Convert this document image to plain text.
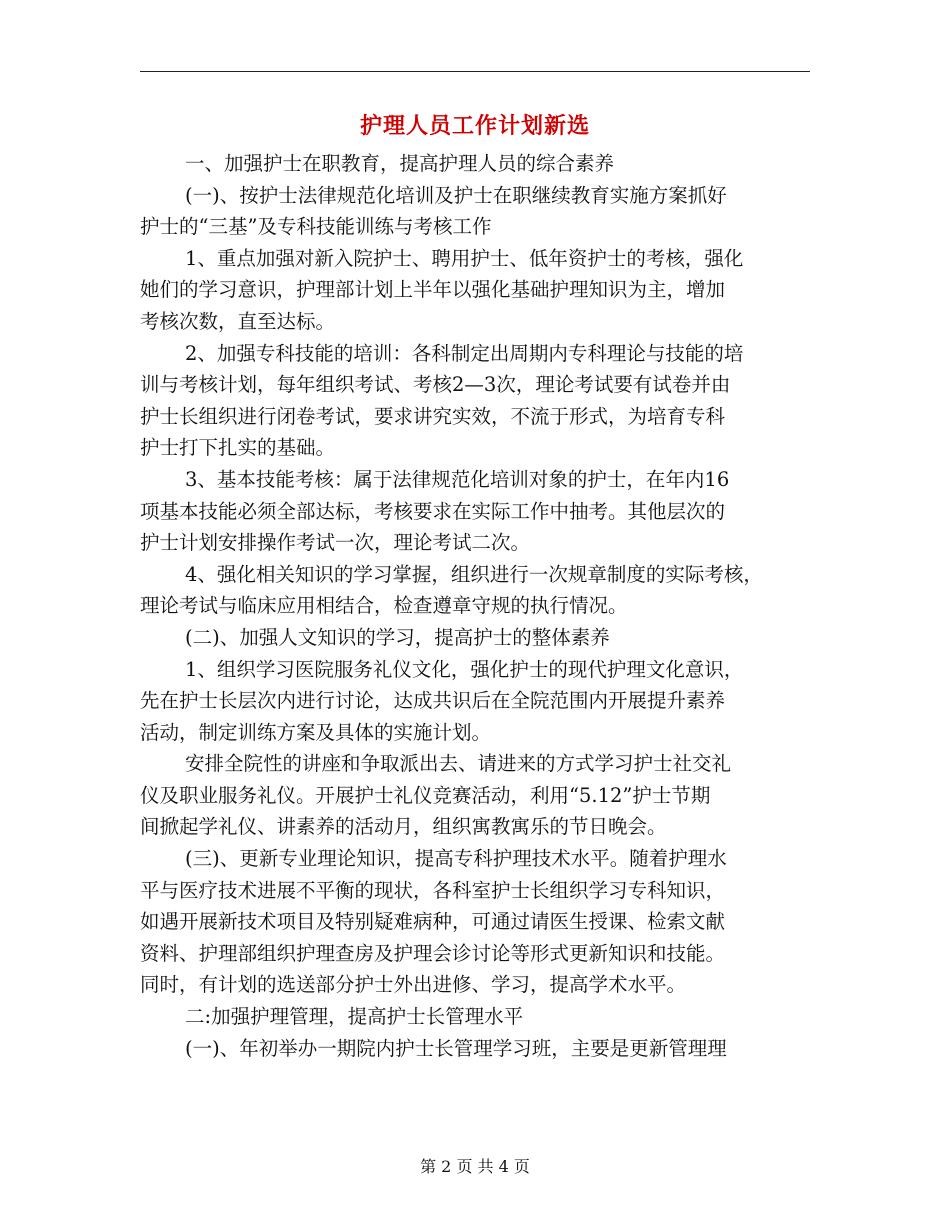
护理人员工作计划新选
一、加强护士在职教育，提高护理人员的综合素养
(一)、按护士法律规范化培训及护士在职继续教育实施方案抓好
护士的“三基”及专科技能训练与考核工作
1、重点加强对新入院护士、聘用护士、低年资护士的考核，强化
她们的学习意识，护理部计划上半年以强化基础护理知识为主，增加
考核次数，直至达标。
2、加强专科技能的培训：各科制定出周期内专科理论与技能的培
训与考核计划，每年组织考试、考核2—3次，理论考试要有试卷并由
护士长组织进行闭卷考试，要求讲究实效，不流于形式，为培育专科
护士打下扎实的基础。
3、基本技能考核：属于法律规范化培训对象的护士，在年内16
项基本技能必须全部达标，考核要求在实际工作中抽考。其他层次的
护士计划安排操作考试一次，理论考试二次。
4、强化相关知识的学习掌握，组织进行一次规章制度的实际考核，
理论考试与临床应用相结合，检查遵章守规的执行情况。
(二)、加强人文知识的学习，提高护士的整体素养
1、组织学习医院服务礼仪文化，强化护士的现代护理文化意识，
先在护士长层次内进行讨论，达成共识后在全院范围内开展提升素养
活动，制定训练方案及具体的实施计划。
安排全院性的讲座和争取派出去、请进来的方式学习护士社交礼
仪及职业服务礼仪。开展护士礼仪竞赛活动，利用“5.12”护士节期
间掀起学礼仪、讲素养的活动月，组织寓教寓乐的节日晚会。
(三)、更新专业理论知识，提高专科护理技术水平。随着护理水
平与医疗技术进展不平衡的现状，各科室护士长组织学习专科知识，
如遇开展新技术项目及特别疑难病种，可通过请医生授课、检索文献
资料、护理部组织护理查房及护理会诊讨论等形式更新知识和技能。
同时，有计划的选送部分护士外出进修、学习，提高学术水平。
二:加强护理管理，提高护士长管理水平
(一)、年初举办一期院内护士长管理学习班，主要是更新管理理
第 2 页 共 4 页
